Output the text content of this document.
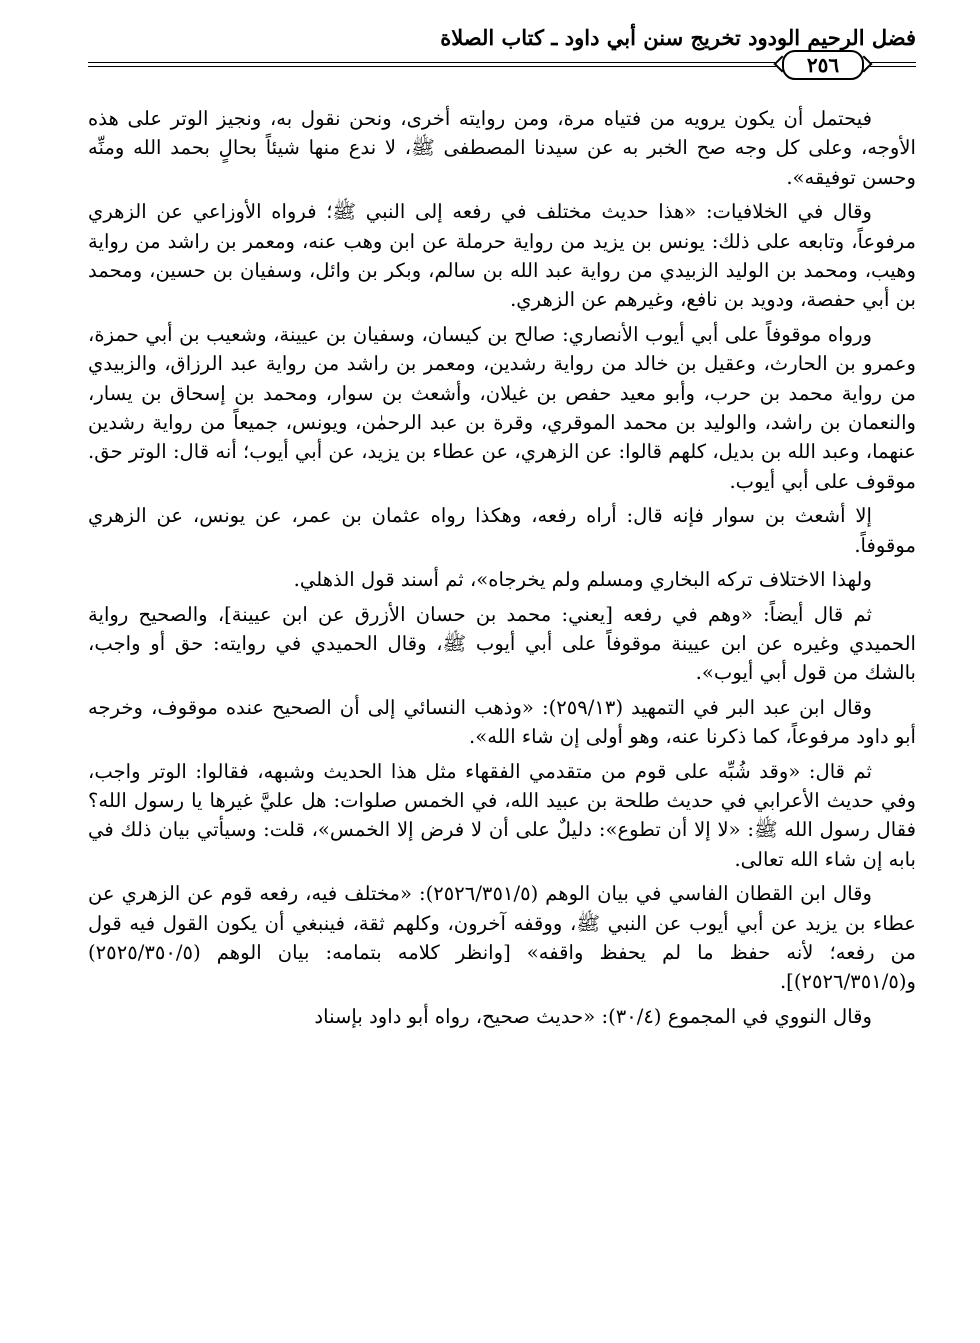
فضل الرحيم الودود تخريج سنن أبي داود ـ كتاب الصلاة
٢٥٦

فيحتمل أن يكون يرويه من فتياه مرة، ومن روايته أخرى، ونحن نقول به، ونجيز الوتر على هذه الأوجه، وعلى كل وجه صح الخبر به عن سيدنا المصطفى ﷺ، لا ندع منها شيئاً بحالٍ بحمد الله ومنِّه وحسن توفيقه».

وقال في الخلافيات: «هذا حديث مختلف في رفعه إلى النبي ﷺ؛ فرواه الأوزاعي عن الزهري مرفوعاً، وتابعه على ذلك: يونس بن يزيد من رواية حرملة عن ابن وهب عنه، ومعمر بن راشد من رواية وهيب، ومحمد بن الوليد الزبيدي من رواية عبد الله بن سالم، وبكر بن وائل، وسفيان بن حسين، ومحمد بن أبي حفصة، ودويد بن نافع، وغيرهم عن الزهري.

ورواه موقوفاً على أبي أيوب الأنصاري: صالح بن كيسان، وسفيان بن عيينة، وشعيب بن أبي حمزة، وعمرو بن الحارث، وعقيل بن خالد من رواية رشدين، ومعمر بن راشد من رواية عبد الرزاق، والزبيدي من رواية محمد بن حرب، وأبو معيد حفص بن غيلان، وأشعث بن سوار، ومحمد بن إسحاق بن يسار، والنعمان بن راشد، والوليد بن محمد الموقري، وقرة بن عبد الرحمٰن، ويونس، جميعاً من رواية رشدين عنهما، وعبد الله بن بديل، كلهم قالوا: عن الزهري، عن عطاء بن يزيد، عن أبي أيوب؛ أنه قال: الوتر حق. موقوف على أبي أيوب.

إلا أشعث بن سوار فإنه قال: أراه رفعه، وهكذا رواه عثمان بن عمر، عن يونس، عن الزهري موقوفاً.

ولهذا الاختلاف تركه البخاري ومسلم ولم يخرجاه»، ثم أسند قول الذهلي.

ثم قال أيضاً: «وهم في رفعه [يعني: محمد بن حسان الأزرق عن ابن عيينة]، والصحيح رواية الحميدي وغيره عن ابن عيينة موقوفاً على أبي أيوب ﷺ، وقال الحميدي في روايته: حق أو واجب، بالشك من قول أبي أيوب».

وقال ابن عبد البر في التمهيد (٢٥٩/١٣): «وذهب النسائي إلى أن الصحيح عنده موقوف، وخرجه أبو داود مرفوعاً، كما ذكرنا عنه، وهو أولى إن شاء الله».

ثم قال: «وقد شُبِّه على قوم من متقدمي الفقهاء مثل هذا الحديث وشبهه، فقالوا: الوتر واجب، وفي حديث الأعرابي في حديث طلحة بن عبيد الله، في الخمس صلوات: هل عليَّ غيرها يا رسول الله؟ فقال رسول الله ﷺ: «لا إلا أن تطوع»: دليلٌ على أن لا فرض إلا الخمس»، قلت: وسيأتي بيان ذلك في بابه إن شاء الله تعالى.

وقال ابن القطان الفاسي في بيان الوهم (٢٥٢٦/٣٥١/٥): «مختلف فيه، رفعه قوم عن الزهري عن عطاء بن يزيد عن أبي أيوب عن النبي ﷺ، ووقفه آخرون، وكلهم ثقة، فينبغي أن يكون القول فيه قول من رفعه؛ لأنه حفظ ما لم يحفظ واقفه» [وانظر كلامه بتمامه: بيان الوهم (٢٥٢٥/٣٥٠/٥) و(٢٥٢٦/٣٥١/٥)].

وقال النووي في المجموع (٣٠/٤): «حديث صحيح، رواه أبو داود بإسناد
